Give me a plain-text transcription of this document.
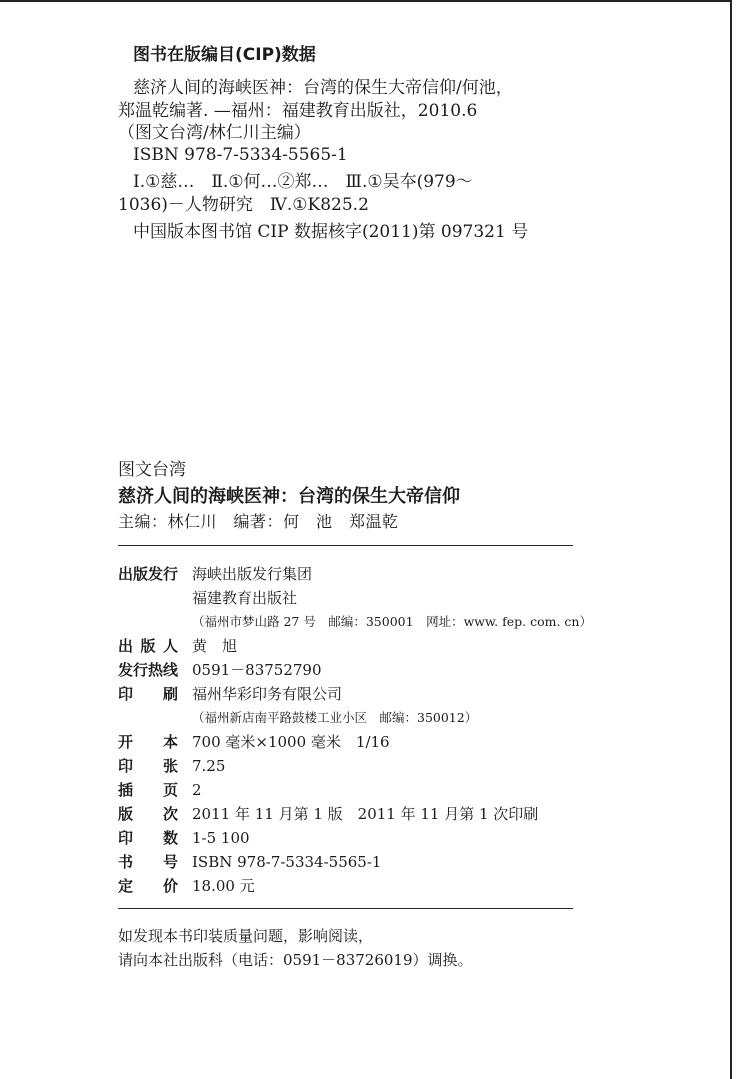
图书在版编目(CIP)数据
慈济人间的海峡医神：台湾的保生大帝信仰/何池，
郑温乾编著. —福州：福建教育出版社，2010.6
（图文台湾/林仁川主编）
ISBN 978-7-5334-5565-1
Ⅰ.①慈…　Ⅱ.①何…②郑…　Ⅲ.①吴夲(979～
1036)－人物研究　Ⅳ.①K825.2
中国版本图书馆 CIP 数据核字(2011)第 097321 号
图文台湾
慈济人间的海峡医神：台湾的保生大帝信仰
主编：林仁川　编著：何　池　郑温乾
出版发行 海峡出版发行集团
福建教育出版社
（福州市梦山路 27 号　邮编：350001　网址：www. fep. com. cn）
出 版 人 黄　旭
发行热线 0591－83752790
印 刷 福州华彩印务有限公司
（福州新店南平路鼓楼工业小区　邮编：350012）
开 本 700 毫米×1000 毫米　1/16
印 张 7.25
插 页 2
版 次 2011 年 11 月第 1 版　2011 年 11 月第 1 次印刷
印 数 1-5 100
书 号 ISBN 978-7-5334-5565-1
定 价 18.00 元
如发现本书印装质量问题，影响阅读，
请向本社出版科（电话：0591－83726019）调换。
